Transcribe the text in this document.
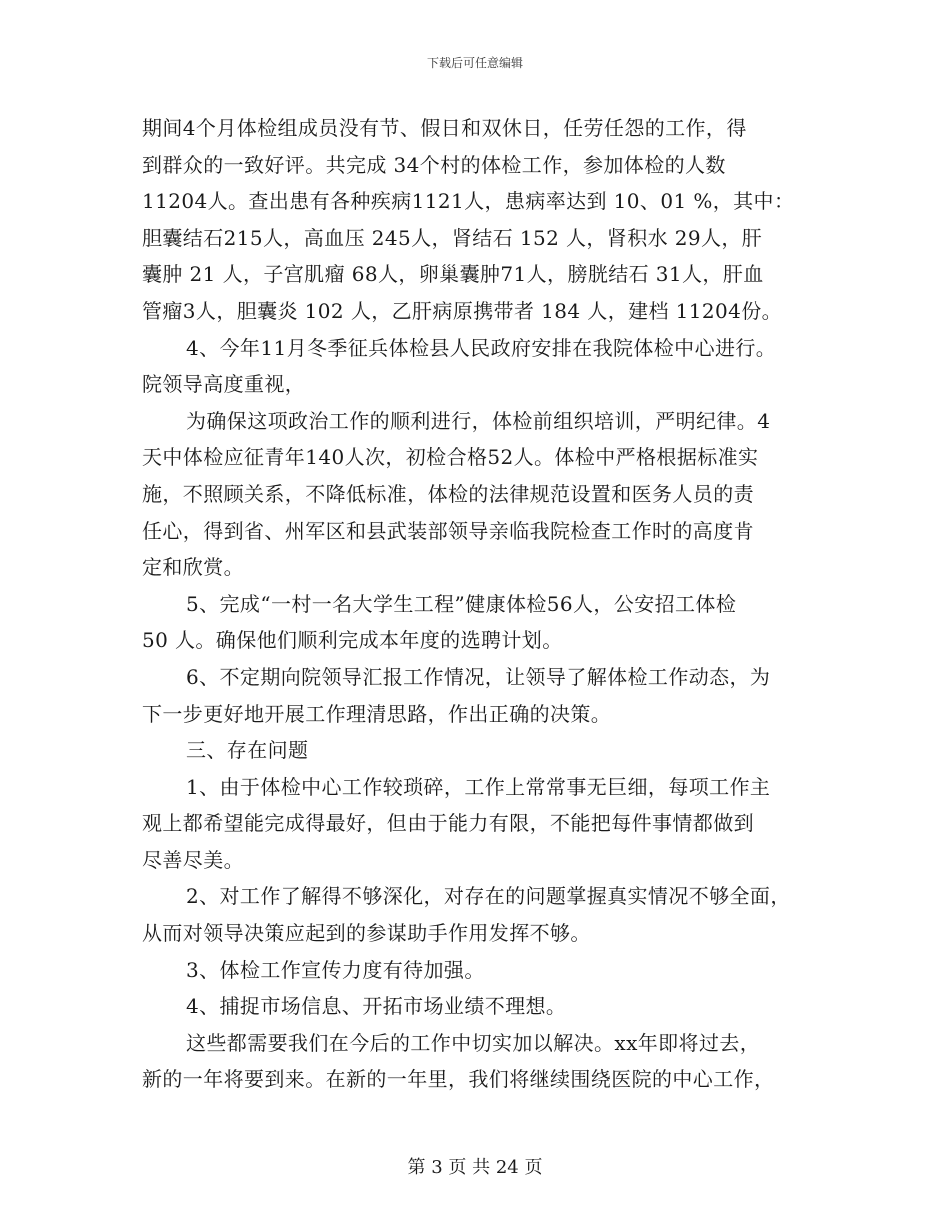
下载后可任意编辑
期间4个月体检组成员没有节、假日和双休日，任劳任怨的工作，得
到群众的一致好评。共完成 34个村的体检工作，参加体检的人数
11204人。查出患有各种疾病1121人，患病率达到 10、01 %，其中：
胆囊结石215人，高血压 245人，肾结石 152 人，肾积水 29人，肝
囊肿 21 人，子宫肌瘤 68人，卵巢囊肿71人，膀胱结石 31人，肝血
管瘤3人，胆囊炎 102 人，乙肝病原携带者 184 人，建档 11204份。
4、今年11月冬季征兵体检县人民政府安排在我院体检中心进行。
院领导高度重视，
为确保这项政治工作的顺利进行，体检前组织培训，严明纪律。4
天中体检应征青年140人次，初检合格52人。体检中严格根据标准实
施，不照顾关系，不降低标准，体检的法律规范设置和医务人员的责
任心，得到省、州军区和县武装部领导亲临我院检查工作时的高度肯
定和欣赏。
5、完成“一村一名大学生工程”健康体检56人，公安招工体检
50 人。确保他们顺利完成本年度的选聘计划。
6、不定期向院领导汇报工作情况，让领导了解体检工作动态，为
下一步更好地开展工作理清思路，作出正确的决策。
三、存在问题
1、由于体检中心工作较琐碎，工作上常常事无巨细，每项工作主
观上都希望能完成得最好，但由于能力有限，不能把每件事情都做到
尽善尽美。
2、对工作了解得不够深化，对存在的问题掌握真实情况不够全面，
从而对领导决策应起到的参谋助手作用发挥不够。
3、体检工作宣传力度有待加强。
4、捕捉市场信息、开拓市场业绩不理想。
这些都需要我们在今后的工作中切实加以解决。xx年即将过去，
新的一年将要到来。在新的一年里，我们将继续围绕医院的中心工作，
第 3 页 共 24 页
